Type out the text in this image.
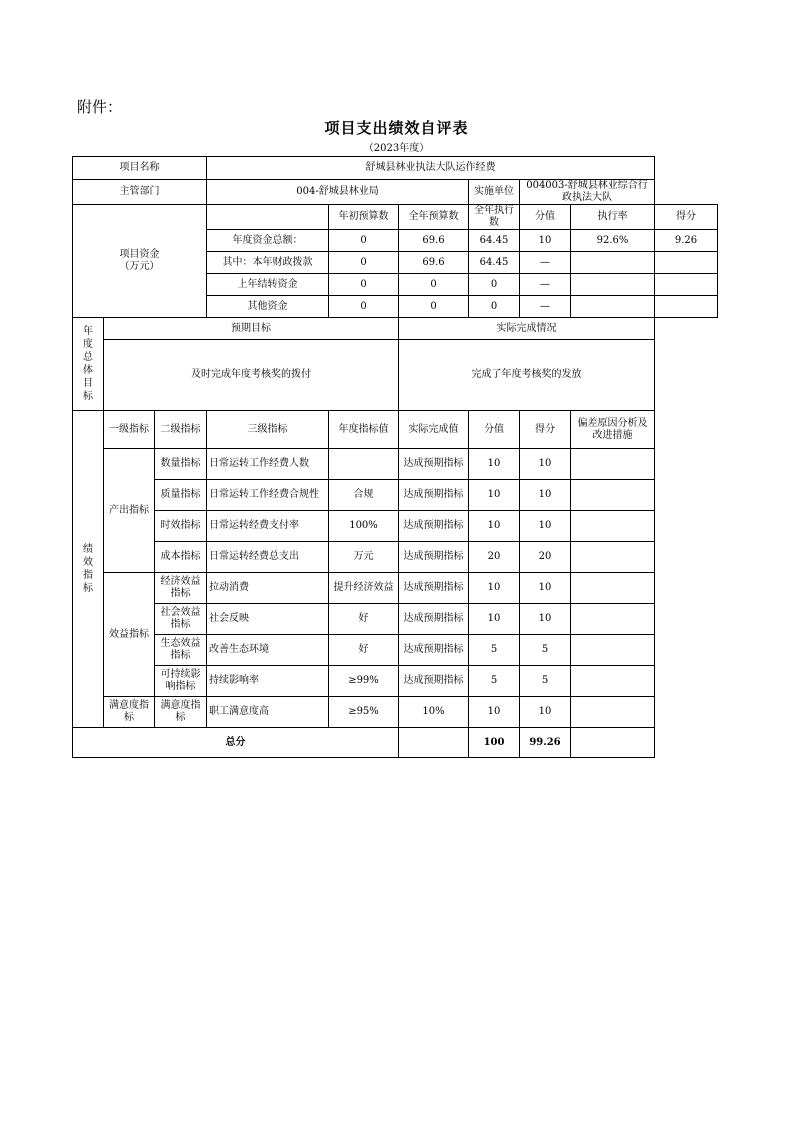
附件：
项目支出绩效自评表
（2023年度）
项目名称			舒城县林业执法大队运作经费						
主管部门			004-舒城县林业局			实施单位	004003-舒城县林业综合行政执法大队		

项目资金
（万元）				年初预算数	全年预算数	全年执行数	分值	执行率	得分
			年度资金总额：	0	69.6	64.45	10	92.6%	9.26
			其中：本年财政拨款	0	69.6	64.45	—		
			上年结转资金	0	0	0	—		
			其他资金	0	0	0	—		
年度总体目标	预期目标				实际完成情况				
	及时完成年度考核奖的拨付				完成了年度考核奖的发放				
绩效指标	一级指标	二级指标	三级指标	年度指标值	实际完成值	分值	得分	偏差原因分析及改进措施	
	产出指标	数量指标	日常运转工作经费人数		达成预期指标	10	10		
		质量指标	日常运转工作经费合规性	合规	达成预期指标	10	10		
		时效指标	日常运转经费支付率	100%	达成预期指标	10	10		
		成本指标	日常运转经费总支出	万元	达成预期指标	20	20		
	效益指标	经济效益指标	拉动消费	提升经济效益	达成预期指标	10	10		
		社会效益指标	社会反映	好	达成预期指标	10	10		
		生态效益指标	改善生态环境	好	达成预期指标	5	5		
		可持续影响指标	持续影响率	≥99%	达成预期指标	5	5		
	满意度指标	满意度指标	职工满意度高	≥95%	10%	10	10		
总分						100	99.26		
